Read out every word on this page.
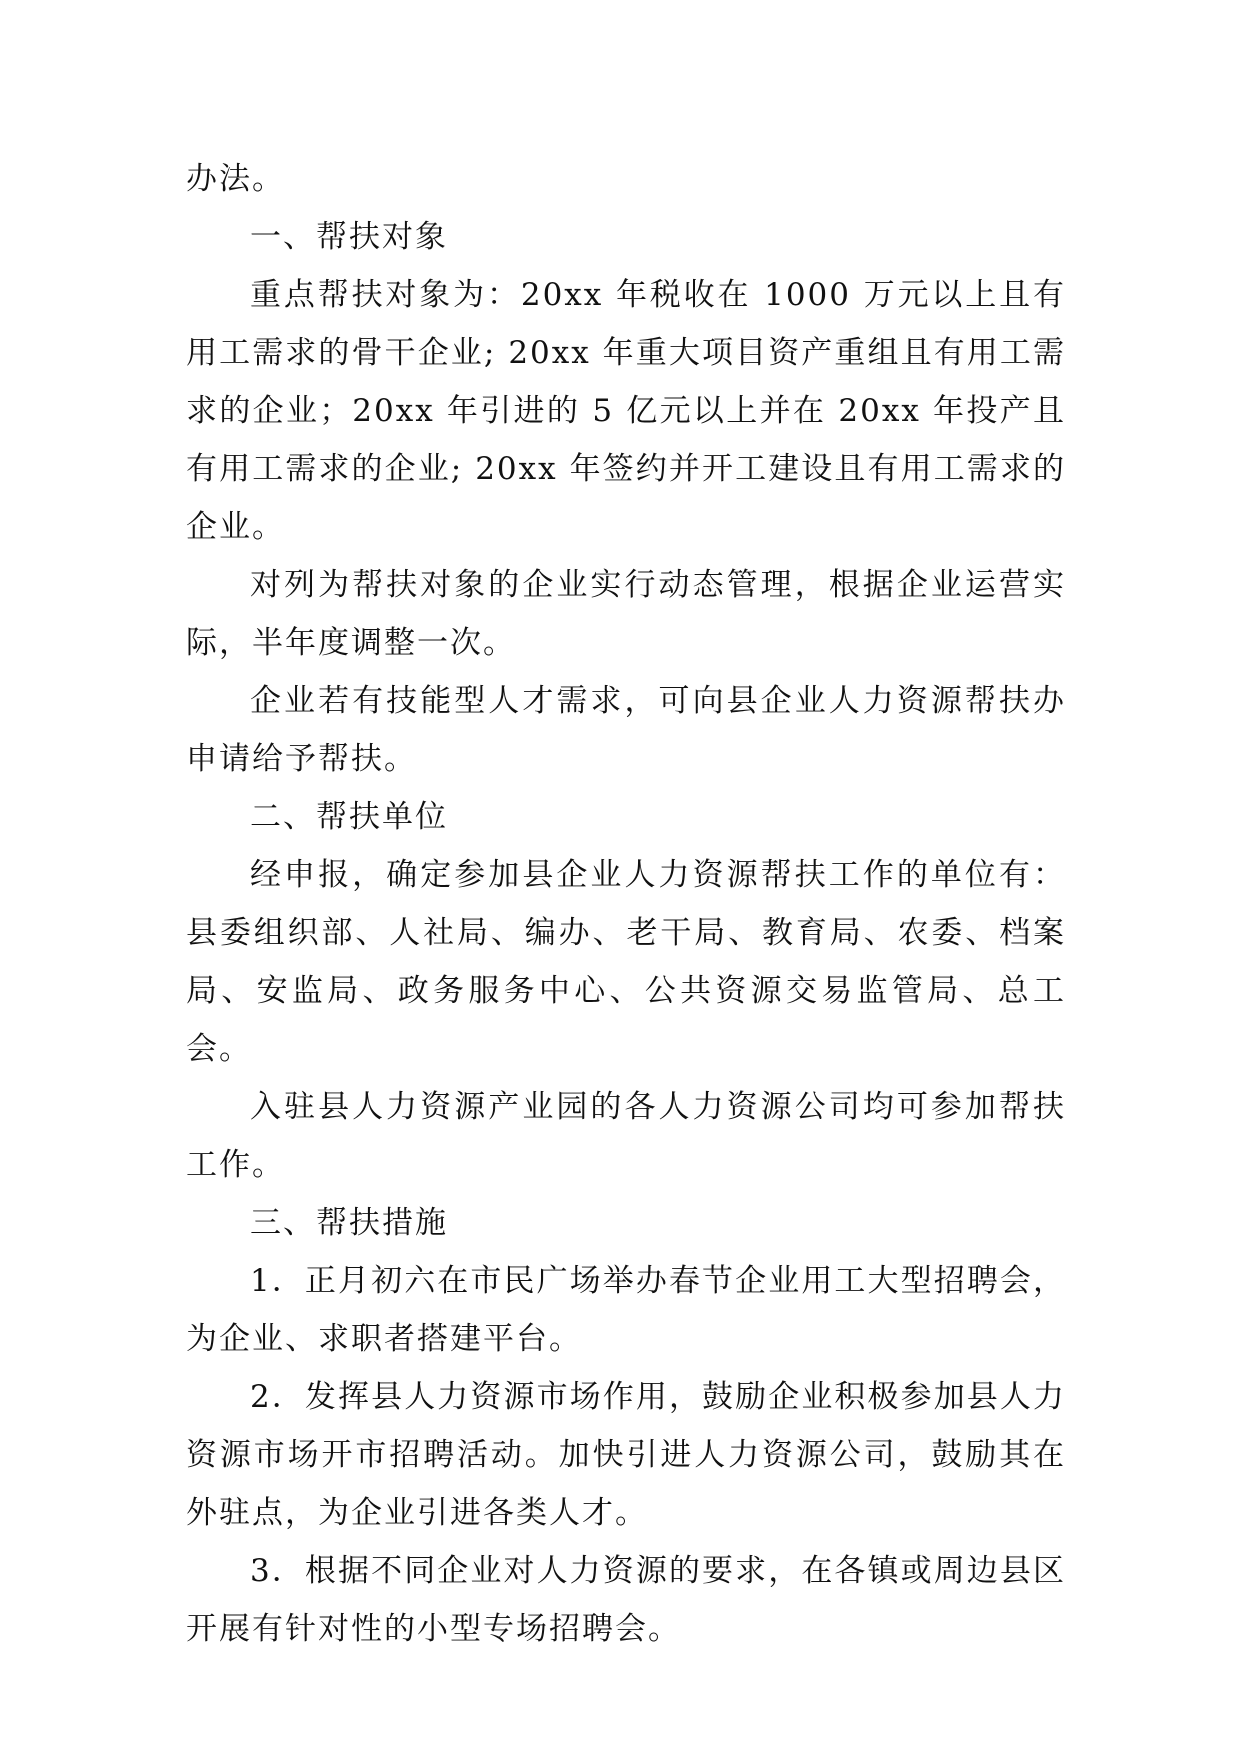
办法。

一、帮扶对象

重点帮扶对象为：20xx 年税收在 1000 万元以上且有用工需求的骨干企业; 20xx 年重大项目资产重组且有用工需求的企业；20xx 年引进的 5 亿元以上并在 20xx 年投产且有用工需求的企业; 20xx 年签约并开工建设且有用工需求的企业。

对列为帮扶对象的企业实行动态管理，根据企业运营实际，半年度调整一次。

企业若有技能型人才需求，可向县企业人力资源帮扶办申请给予帮扶。

二、帮扶单位

经申报，确定参加县企业人力资源帮扶工作的单位有：县委组织部、人社局、编办、老干局、教育局、农委、档案局、安监局、政务服务中心、公共资源交易监管局、总工会。

入驻县人力资源产业园的各人力资源公司均可参加帮扶工作。

三、帮扶措施

1．正月初六在市民广场举办春节企业用工大型招聘会，为企业、求职者搭建平台。

2．发挥县人力资源市场作用，鼓励企业积极参加县人力资源市场开市招聘活动。加快引进人力资源公司，鼓励其在外驻点，为企业引进各类人才。

3．根据不同企业对人力资源的要求，在各镇或周边县区开展有针对性的小型专场招聘会。
